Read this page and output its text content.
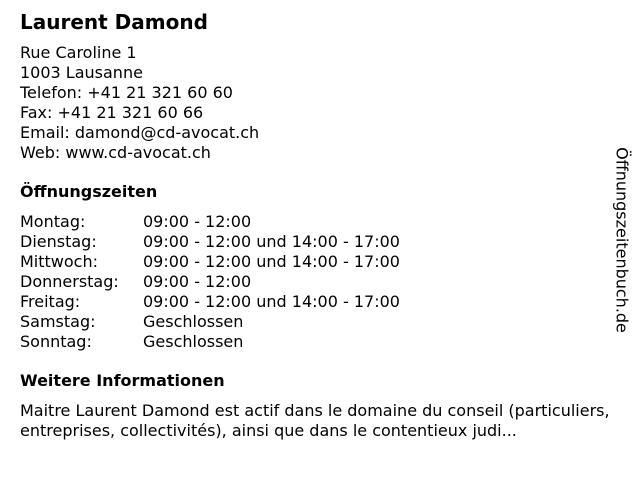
Laurent Damond
Rue Caroline 1
1003 Lausanne
Telefon: +41 21 321 60 60
Fax: +41 21 321 60 66
Email: damond@cd-avocat.ch
Web: www.cd-avocat.ch
Öffnungszeiten
Montag:	09:00 - 12:00
Dienstag:	09:00 - 12:00 und 14:00 - 17:00
Mittwoch:	09:00 - 12:00 und 14:00 - 17:00
Donnerstag:	09:00 - 12:00
Freitag:	09:00 - 12:00 und 14:00 - 17:00
Samstag:	Geschlossen
Sonntag:	Geschlossen
Weitere Informationen
Maitre Laurent Damond est actif dans le domaine du conseil (particuliers, entreprises, collectivités), ainsi que dans le contentieux judi...
Öffnungszeitenbuch.de
